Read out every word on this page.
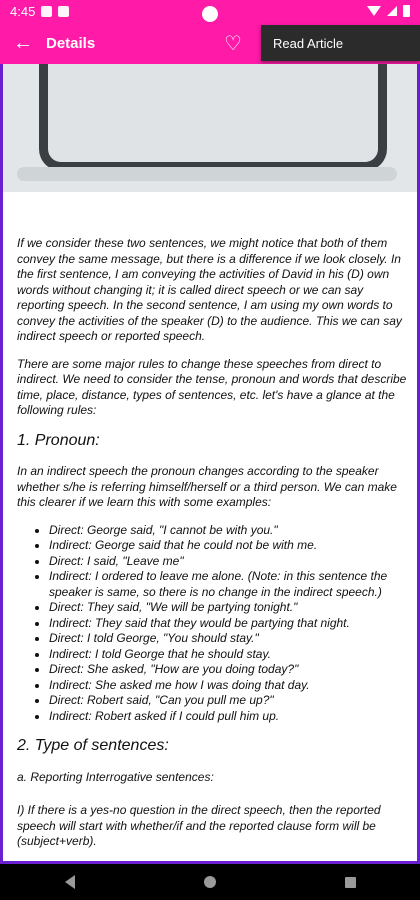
4:45
← Details	♡	Read Article

If we consider these two sentences, we might notice that both of them convey the same message, but there is a difference if we look closely. In the first sentence, I am conveying the activities of David in his (D) own words without changing it; it is called direct speech or we can say reporting speech. In the second sentence, I am using my own words to convey the activities of the speaker (D) to the audience. This we can say indirect speech or reported speech.

There are some major rules to change these speeches from direct to indirect. We need to consider the tense, pronoun and words that describe time, place, distance, types of sentences, etc. let's have a glance at the following rules:

1. Pronoun:

In an indirect speech the pronoun changes according to the speaker whether s/he is referring himself/herself or a third person. We can make this clearer if we learn this with some examples:

• Direct: George said, "I cannot be with you."
• Indirect: George said that he could not be with me.
• Direct: I said, "Leave me"
• Indirect: I ordered to leave me alone. (Note: in this sentence the speaker is same, so there is no change in the indirect speech.)
• Direct: They said, "We will be partying tonight."
• Indirect: They said that they would be partying that night.
• Direct: I told George, "You should stay."
• Indirect: I told George that he should stay.
• Direct: She asked, "How are you doing today?"
• Indirect: She asked me how I was doing that day.
• Direct: Robert said, "Can you pull me up?"
• Indirect: Robert asked if I could pull him up.
2. Type of sentences:

a. Reporting Interrogative sentences:

I) If there is a yes-no question in the direct speech, then the reported speech will start with whether/if and the reported clause form will be (subject+verb).
